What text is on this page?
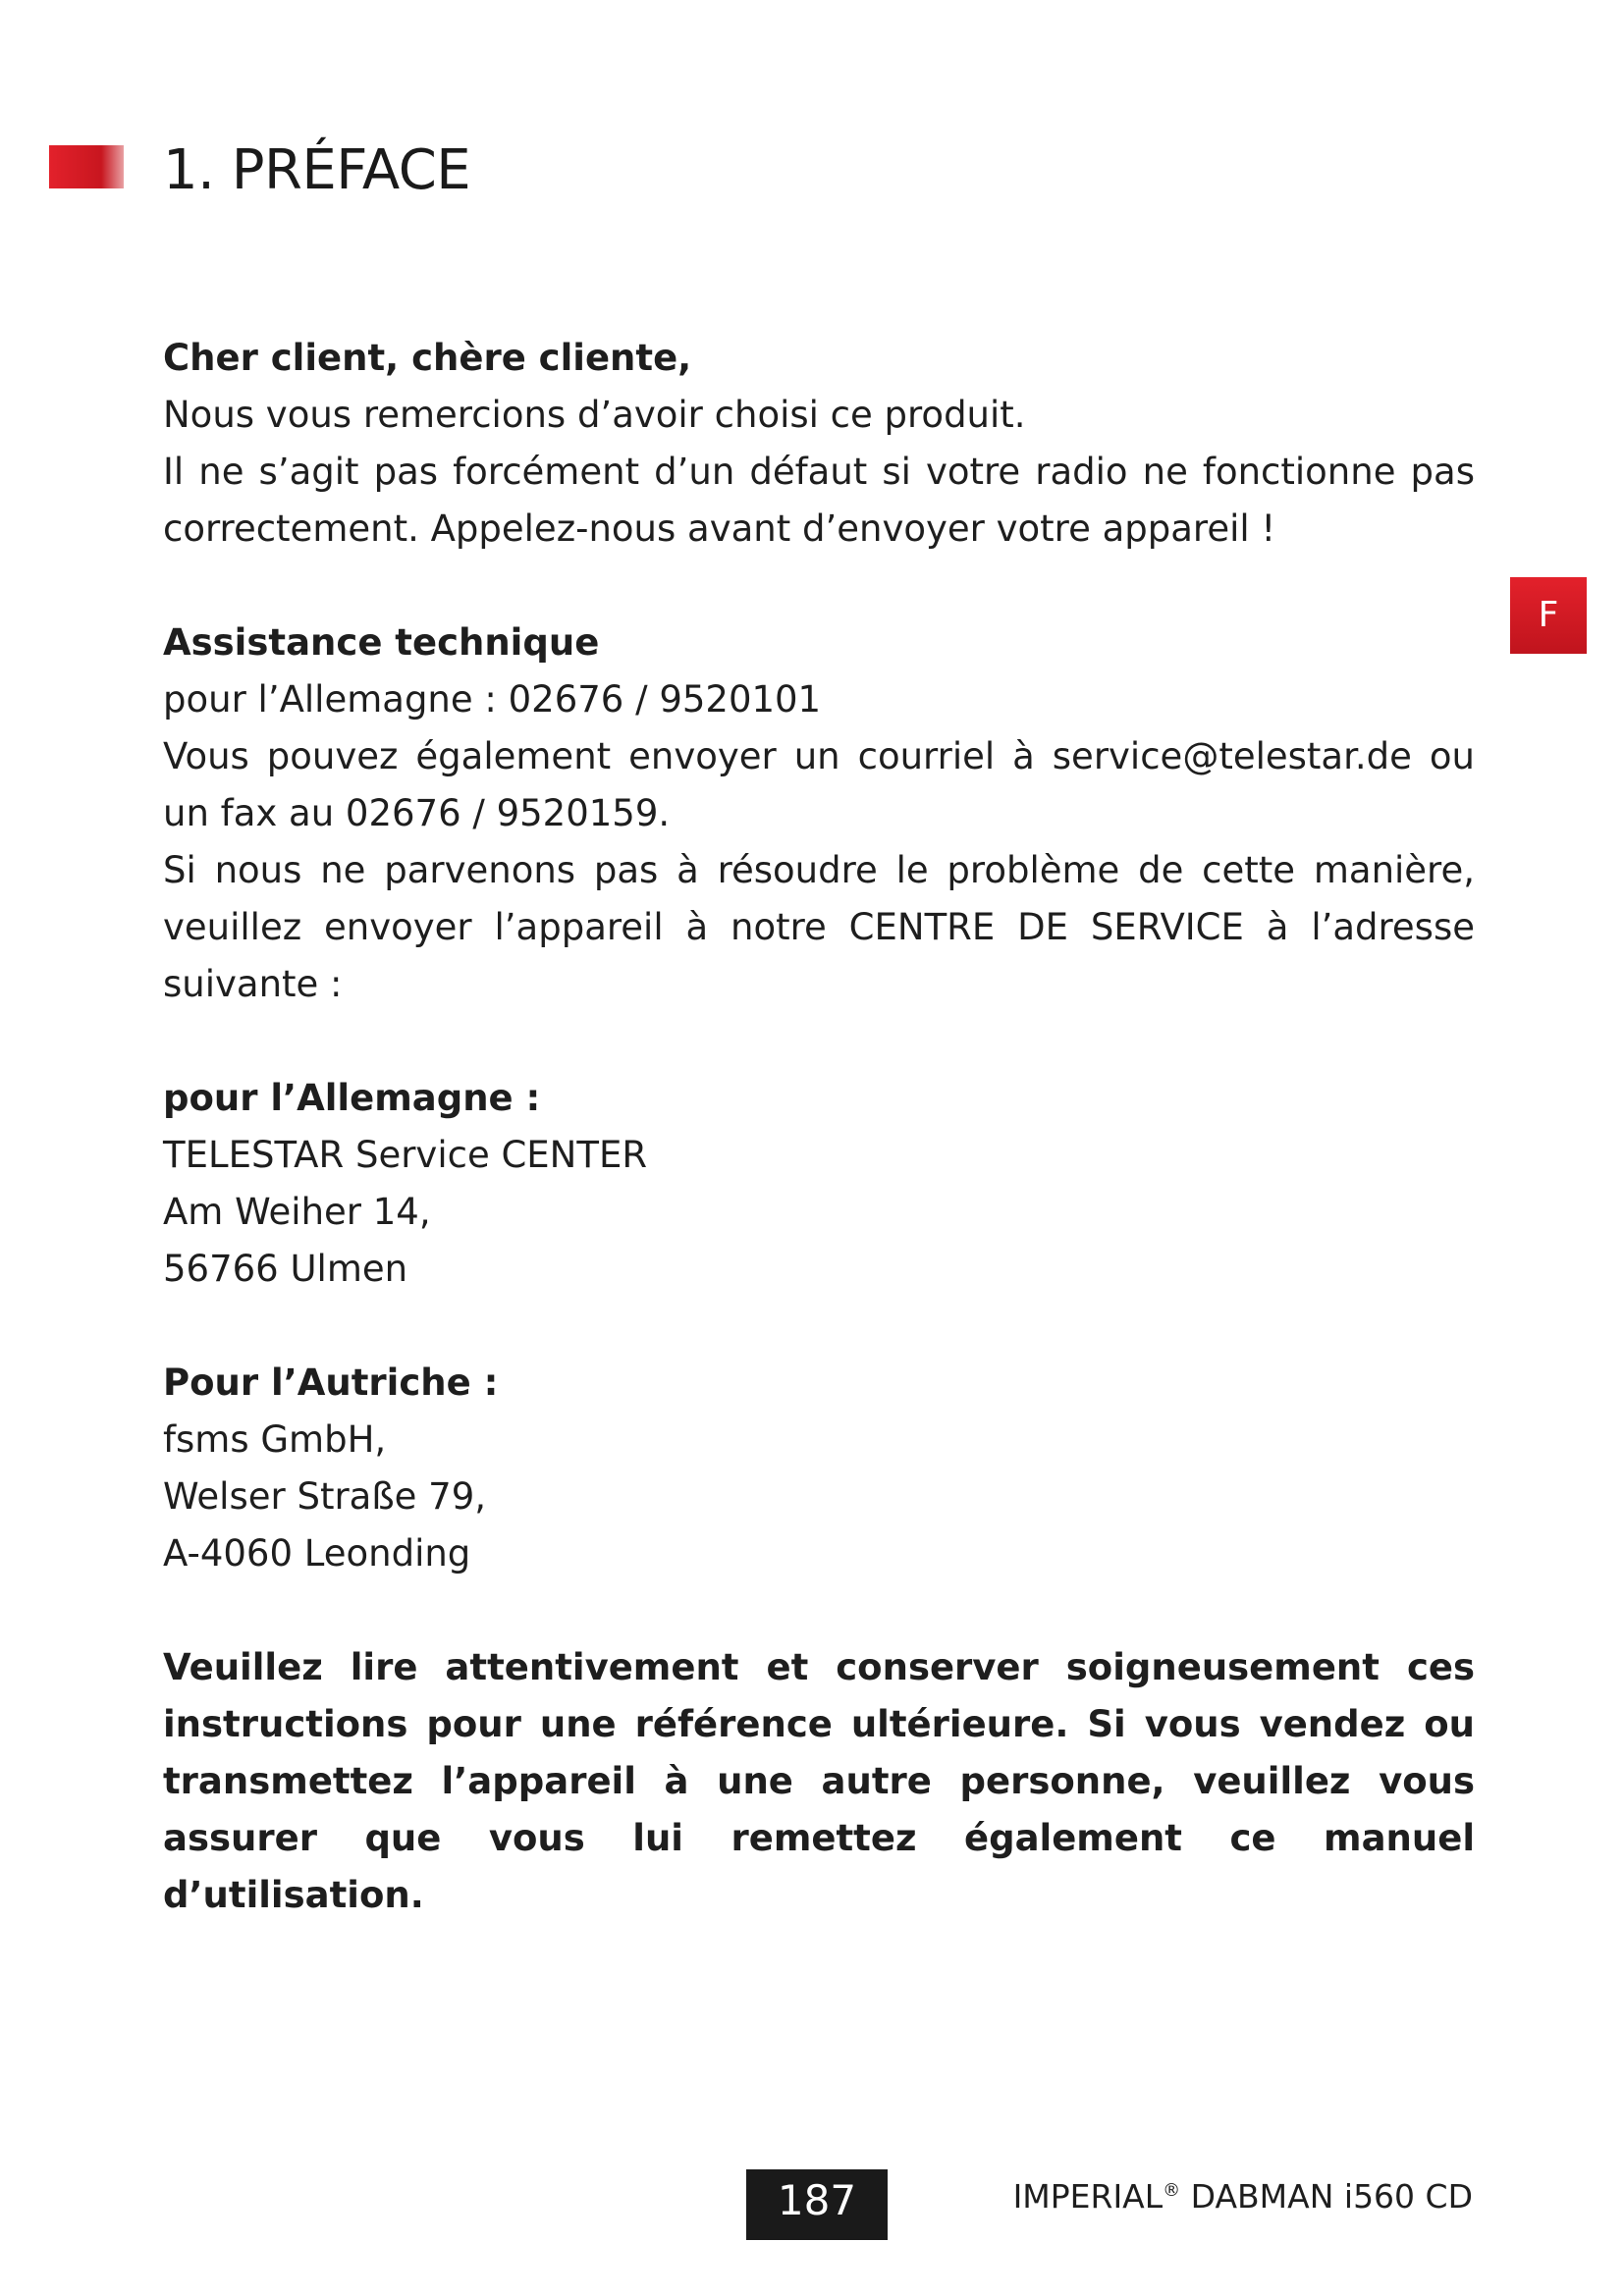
1. PRÉFACE
F

Cher client, chère cliente,

Nous vous remercions d’avoir choisi ce produit.

Il ne s’agit pas forcément d’un défaut si votre radio ne fonctionne pas correctement. Appelez-nous avant d’envoyer votre appareil !

Assistance technique

pour l’Allemagne : 02676 / 9520101

Vous pouvez également envoyer un courriel à service@telestar.de ou un fax au 02676 / 9520159.

Si nous ne parvenons pas à résoudre le problème de cette manière, veuillez envoyer l’appareil à notre CENTRE DE SERVICE à l’adresse suivante :

pour l’Allemagne :

TELESTAR Service CENTER

Am Weiher 14,

56766 Ulmen

Pour l’Autriche :

fsms GmbH,

Welser Straße 79,

A-4060 Leonding

Veuillez lire attentivement et conserver soigneusement ces instructions pour une référence ultérieure. Si vous vendez ou transmettez l’appareil à une autre personne, veuillez vous assurer que vous lui remettez également ce manuel d’utilisation.

187	IMPERIAL® DABMAN i560 CD
